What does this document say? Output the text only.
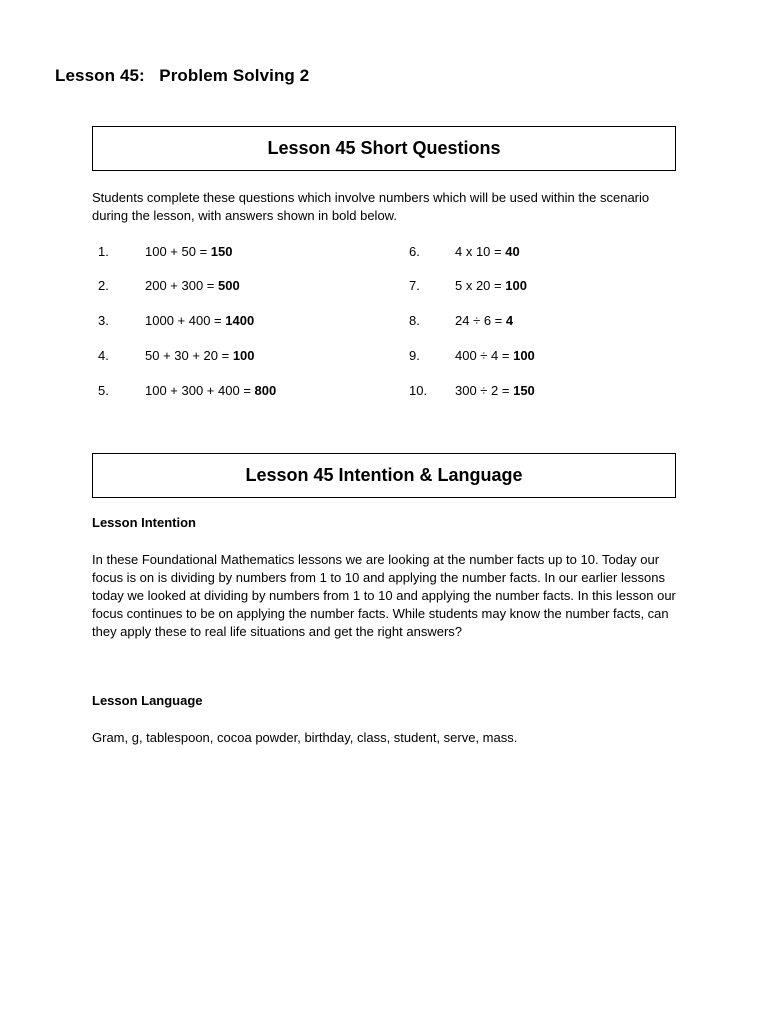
Lesson 45:   Problem Solving 2
Lesson 45 Short Questions
Students complete these questions which involve numbers which will be used within the scenario during the lesson, with answers shown in bold below.
1.	100 + 50 = 150
2.	200 + 300 = 500
3.	1000 + 400 = 1400
4.	50 + 30 + 20 = 100
5.	100 + 300 + 400 = 800
6.	4 x 10 = 40
7.	5 x 20 = 100
8.	24 ÷ 6 = 4
9.	400 ÷ 4 = 100
10. 300 ÷ 2 = 150
Lesson 45 Intention & Language
Lesson Intention
In these Foundational Mathematics lessons we are looking at the number facts up to 10. Today our focus is on is dividing by numbers from 1 to 10 and applying the number facts. In our earlier lessons today we looked at dividing by numbers from 1 to 10 and applying the number facts. In this lesson our focus continues to be on applying the number facts. While students may know the number facts, can they apply these to real life situations and get the right answers?
Lesson Language
Gram, g, tablespoon, cocoa powder, birthday, class, student, serve, mass.
